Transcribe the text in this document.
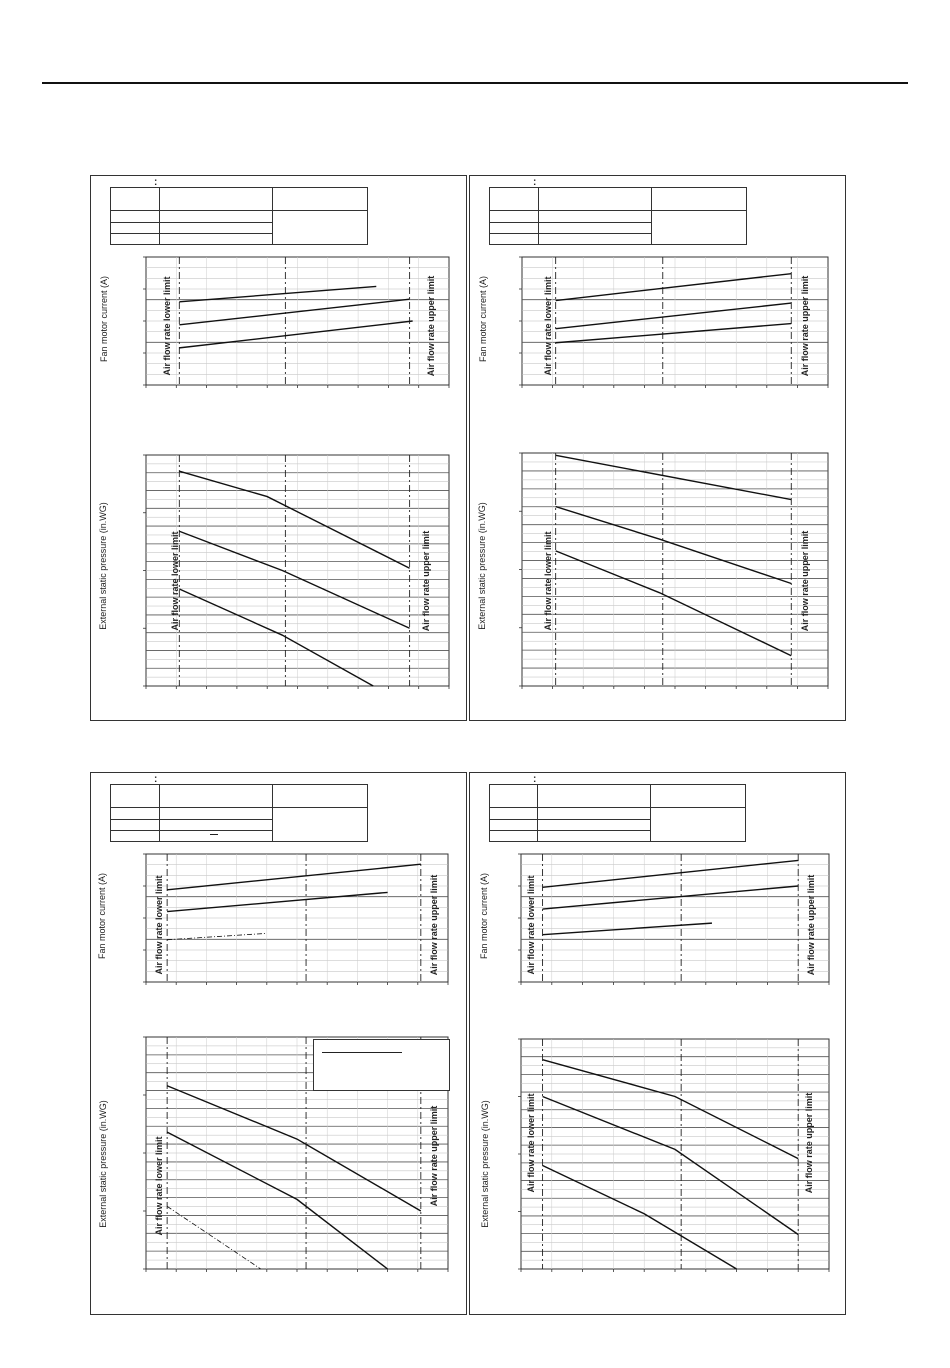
:

Fan motor current (A)
External static pressure (in.WG)
Air flow rate lower limit	Air flow rate upper limit
Air flow rate lower limit	Air flow rate upper limit
:

Fan motor current (A)
External static pressure (in.WG)
Air flow rate lower limit	Air flow rate upper limit
Air flow rate lower limit	Air flow rate upper limit
:

Fan motor current (A)
External static pressure (in.WG)
Air flow rate lower limit	Air flow rate upper limit
Air flow rate lower limit	Air flow rate upper limit
:

Fan motor current (A)
External static pressure (in.WG)
Air flow rate lower limit	Air flow rate upper limit
Air flow rate lower limit	Air flow rate upper limit
